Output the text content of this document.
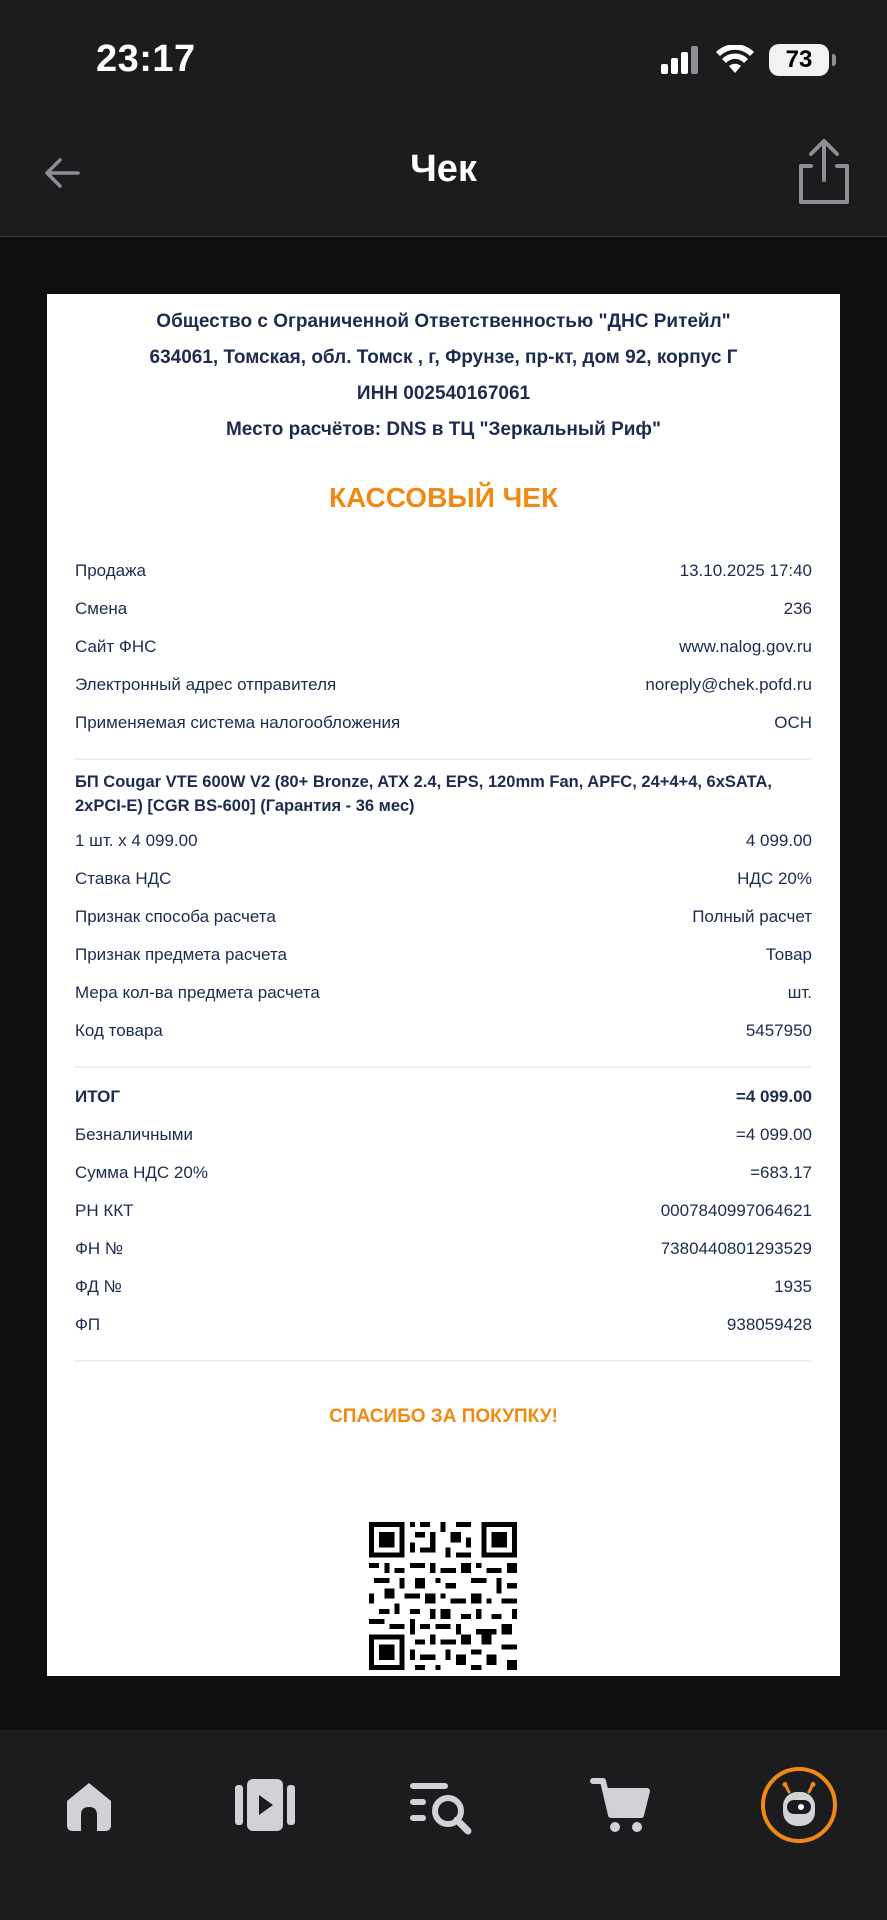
23:17	73
Чек
Общество с Ограниченной Ответственностью "ДНС Ритейл"
634061, Томская, обл. Томск , г, Фрунзе, пр-кт, дом 92, корпус Г
ИНН 002540167061
Место расчётов: DNS в ТЦ "Зеркальный Риф"
КАССОВЫЙ ЧЕК
Продажа	13.10.2025 17:40
Смена	236
Сайт ФНС	www.nalog.gov.ru
Электронный адрес отправителя	noreply@chek.pofd.ru
Применяемая система налогообложения	ОСН
БП Cougar VTE 600W V2 (80+ Bronze, ATX 2.4, EPS, 120mm Fan, APFC, 24+4+4, 6xSATA, 2xPCI-E) [CGR BS-600] (Гарантия - 36 мес)
1 шт. х 4 099.00	4 099.00
Ставка НДС	НДС 20%
Признак способа расчета	Полный расчет
Признак предмета расчета	Товар
Мера кол-ва предмета расчета	шт.
Код товара	5457950
ИТОГ	=4 099.00
Безналичными	=4 099.00
Сумма НДС 20%	=683.17
РН ККТ	0007840997064621
ФН №	7380440801293529
ФД №	1935
ФП	938059428
СПАСИБО ЗА ПОКУПКУ!
